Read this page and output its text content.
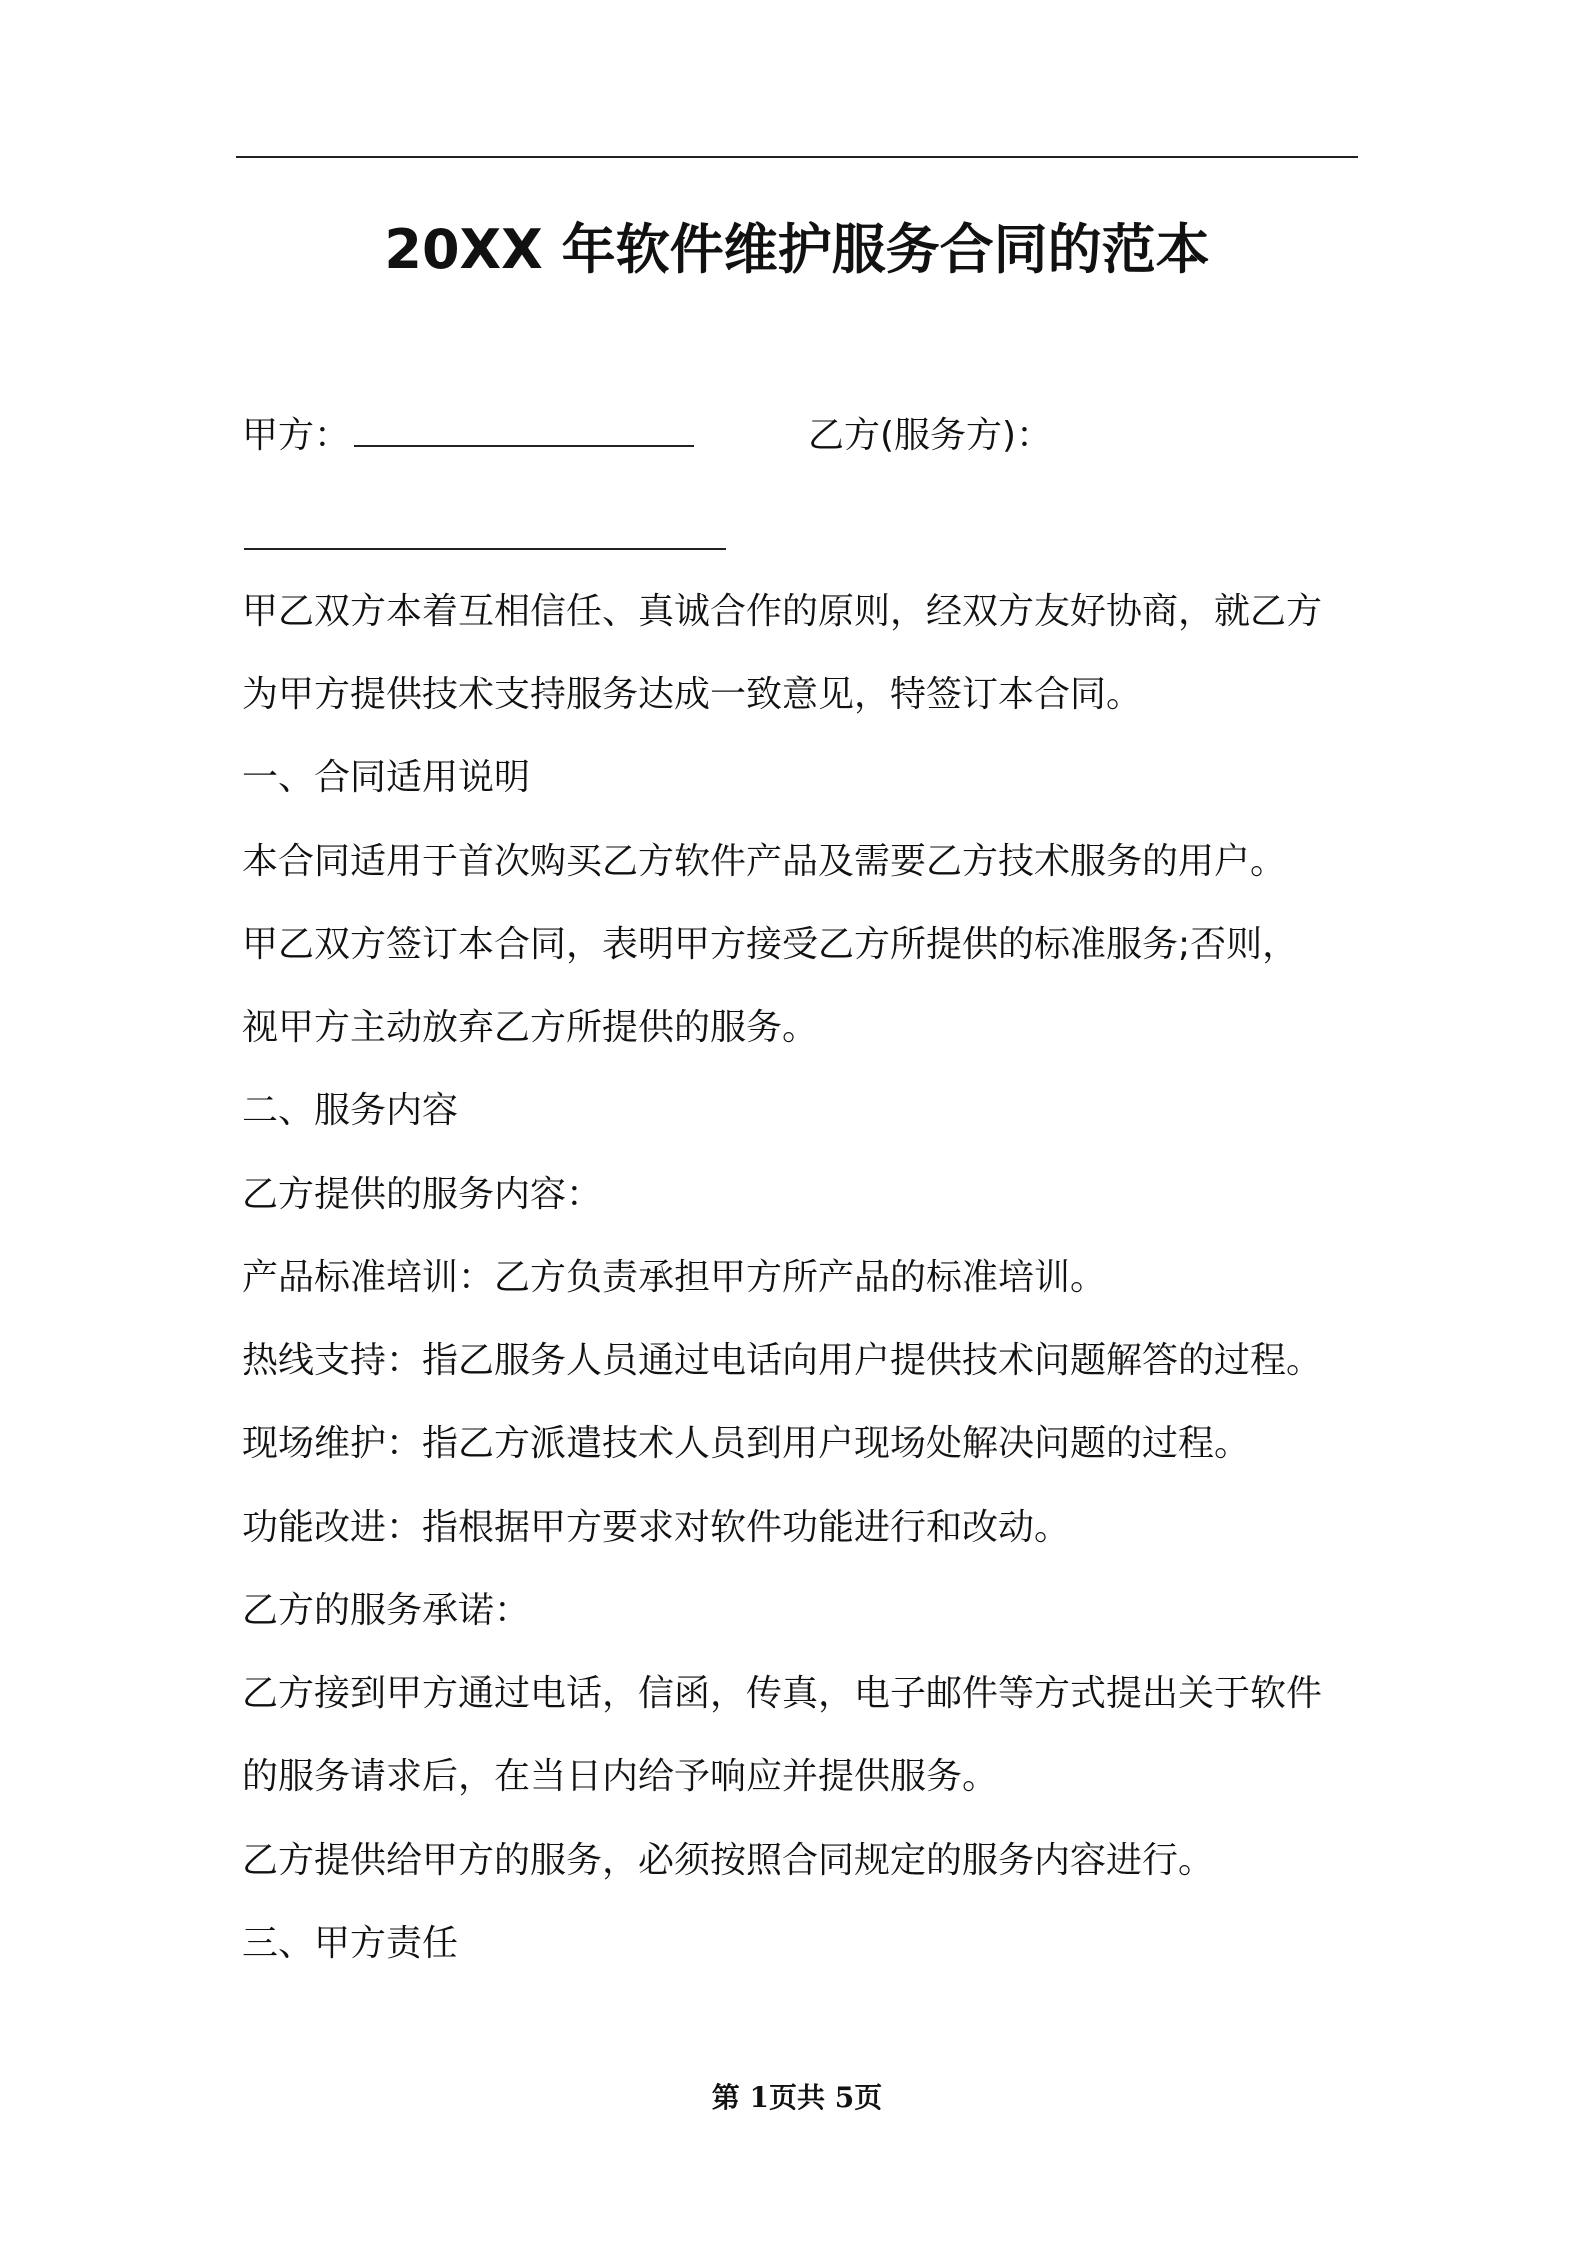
20XX 年软件维护服务合同的范本
甲方：	乙方(服务方)：
甲乙双方本着互相信任、真诚合作的原则，经双方友好协商，就乙方
为甲方提供技术支持服务达成一致意见，特签订本合同。
一、合同适用说明
本合同适用于首次购买乙方软件产品及需要乙方技术服务的用户。
甲乙双方签订本合同，表明甲方接受乙方所提供的标准服务;否则，
视甲方主动放弃乙方所提供的服务。
二、服务内容
乙方提供的服务内容：
产品标准培训：乙方负责承担甲方所产品的标准培训。
热线支持：指乙服务人员通过电话向用户提供技术问题解答的过程。
现场维护：指乙方派遣技术人员到用户现场处解决问题的过程。
功能改进：指根据甲方要求对软件功能进行和改动。
乙方的服务承诺：
乙方接到甲方通过电话，信函，传真，电子邮件等方式提出关于软件
的服务请求后，在当日内给予响应并提供服务。
乙方提供给甲方的服务，必须按照合同规定的服务内容进行。
三、甲方责任
第 1页共 5页
